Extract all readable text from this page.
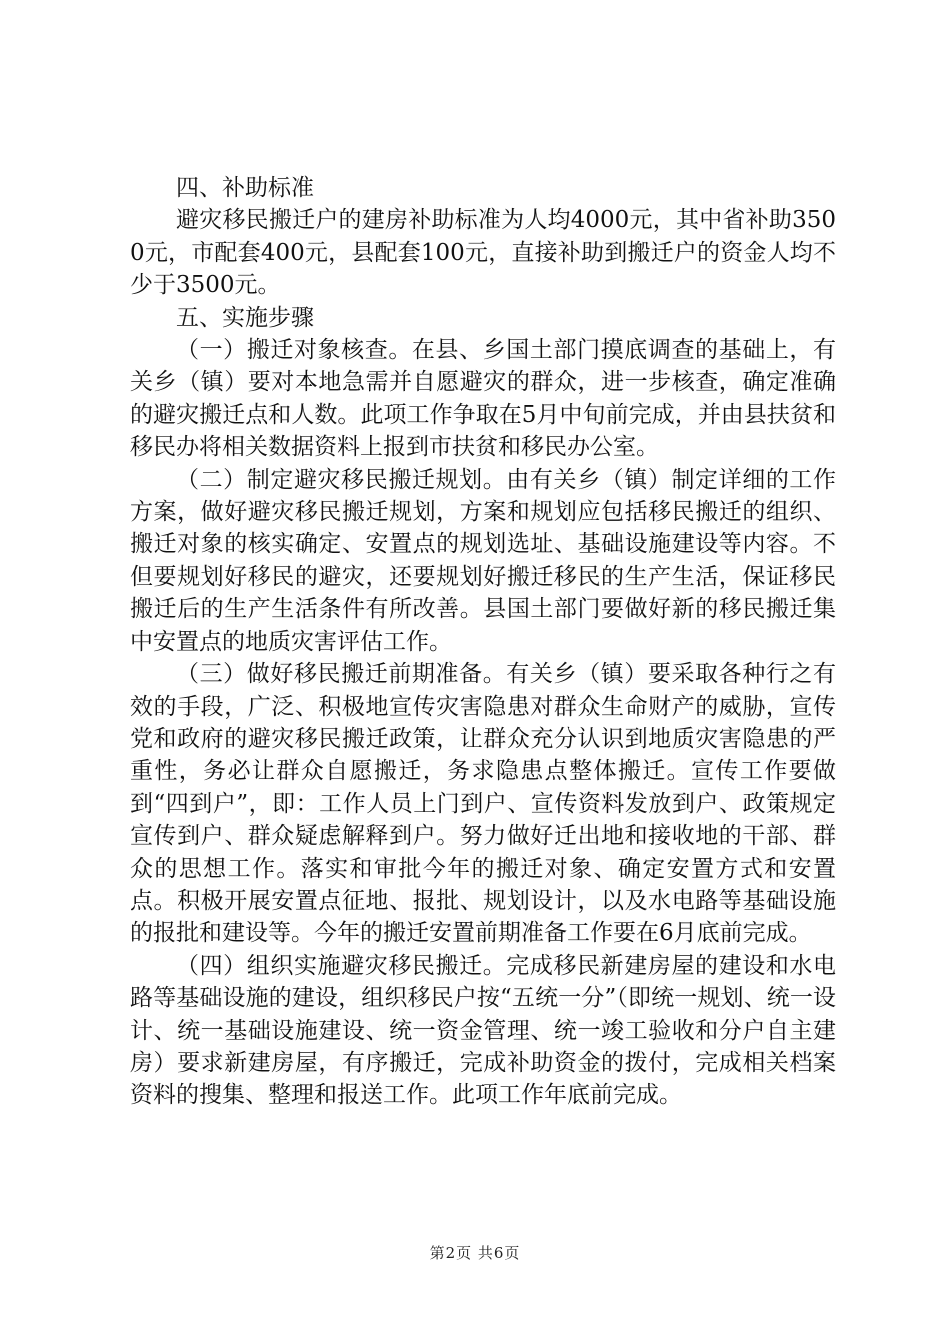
四、补助标准

避灾移民搬迁户的建房补助标准为人均4000元，其中省补助3500元，市配套400元，县配套100元，直接补助到搬迁户的资金人均不少于3500元。

五、实施步骤

（一）搬迁对象核查。在县、乡国土部门摸底调查的基础上，有关乡（镇）要对本地急需并自愿避灾的群众，进一步核查，确定准确的避灾搬迁点和人数。此项工作争取在5月中旬前完成，并由县扶贫和移民办将相关数据资料上报到市扶贫和移民办公室。

（二）制定避灾移民搬迁规划。由有关乡（镇）制定详细的工作方案，做好避灾移民搬迁规划，方案和规划应包括移民搬迁的组织、搬迁对象的核实确定、安置点的规划选址、基础设施建设等内容。不但要规划好移民的避灾，还要规划好搬迁移民的生产生活，保证移民搬迁后的生产生活条件有所改善。县国土部门要做好新的移民搬迁集中安置点的地质灾害评估工作。

（三）做好移民搬迁前期准备。有关乡（镇）要采取各种行之有效的手段，广泛、积极地宣传灾害隐患对群众生命财产的威胁，宣传党和政府的避灾移民搬迁政策，让群众充分认识到地质灾害隐患的严重性，务必让群众自愿搬迁，务求隐患点整体搬迁。宣传工作要做到“四到户”，即：工作人员上门到户、宣传资料发放到户、政策规定宣传到户、群众疑虑解释到户。努力做好迁出地和接收地的干部、群众的思想工作。落实和审批今年的搬迁对象、确定安置方式和安置点。积极开展安置点征地、报批、规划设计，以及水电路等基础设施的报批和建设等。今年的搬迁安置前期准备工作要在6月底前完成。

（四）组织实施避灾移民搬迁。完成移民新建房屋的建设和水电路等基础设施的建设，组织移民户按“五统一分”（即统一规划、统一设计、统一基础设施建设、统一资金管理、统一竣工验收和分户自主建房）要求新建房屋，有序搬迁，完成补助资金的拨付，完成相关档案资料的搜集、整理和报送工作。此项工作年底前完成。

第2页 共6页
